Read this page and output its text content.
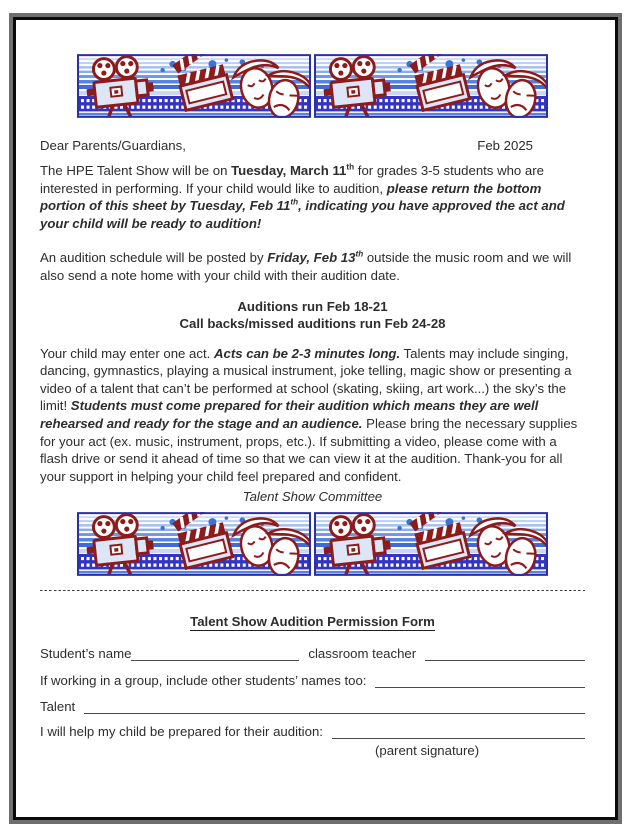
Dear Parents/Guardians,	Feb 2025

The HPE Talent Show will be on Tuesday, March 11th for grades 3-5 students who are interested in performing. If your child would like to audition, please return the bottom portion of this sheet by Tuesday, Feb 11th, indicating you have approved the act and your child will be ready to audition!

An audition schedule will be posted by Friday, Feb 13th outside the music room and we will also send a note home with your child with their audition date.

Auditions run Feb 18-21
Call backs/missed auditions run Feb 24-28

Your child may enter one act. Acts can be 2-3 minutes long. Talents may include singing, dancing, gymnastics, playing a musical instrument, joke telling, magic show or presenting a video of a talent that can’t be performed at school (skating, skiing, art work...) the sky’s the limit! Students must come prepared for their audition which means they are well rehearsed and ready for the stage and an audience. Please bring the necessary supplies for your act (ex. music, instrument, props, etc.). If submitting a video, please come with a flash drive or send it ahead of time so that we can view it at the audition. Thank-you for all your support in helping your child feel prepared and confident.

Talent Show Committee
Talent Show Audition Permission Form
Student’s name	classroom teacher
If working in a group, include other students’ names too:
Talent
I will help my child be prepared for their audition:
(parent signature)
